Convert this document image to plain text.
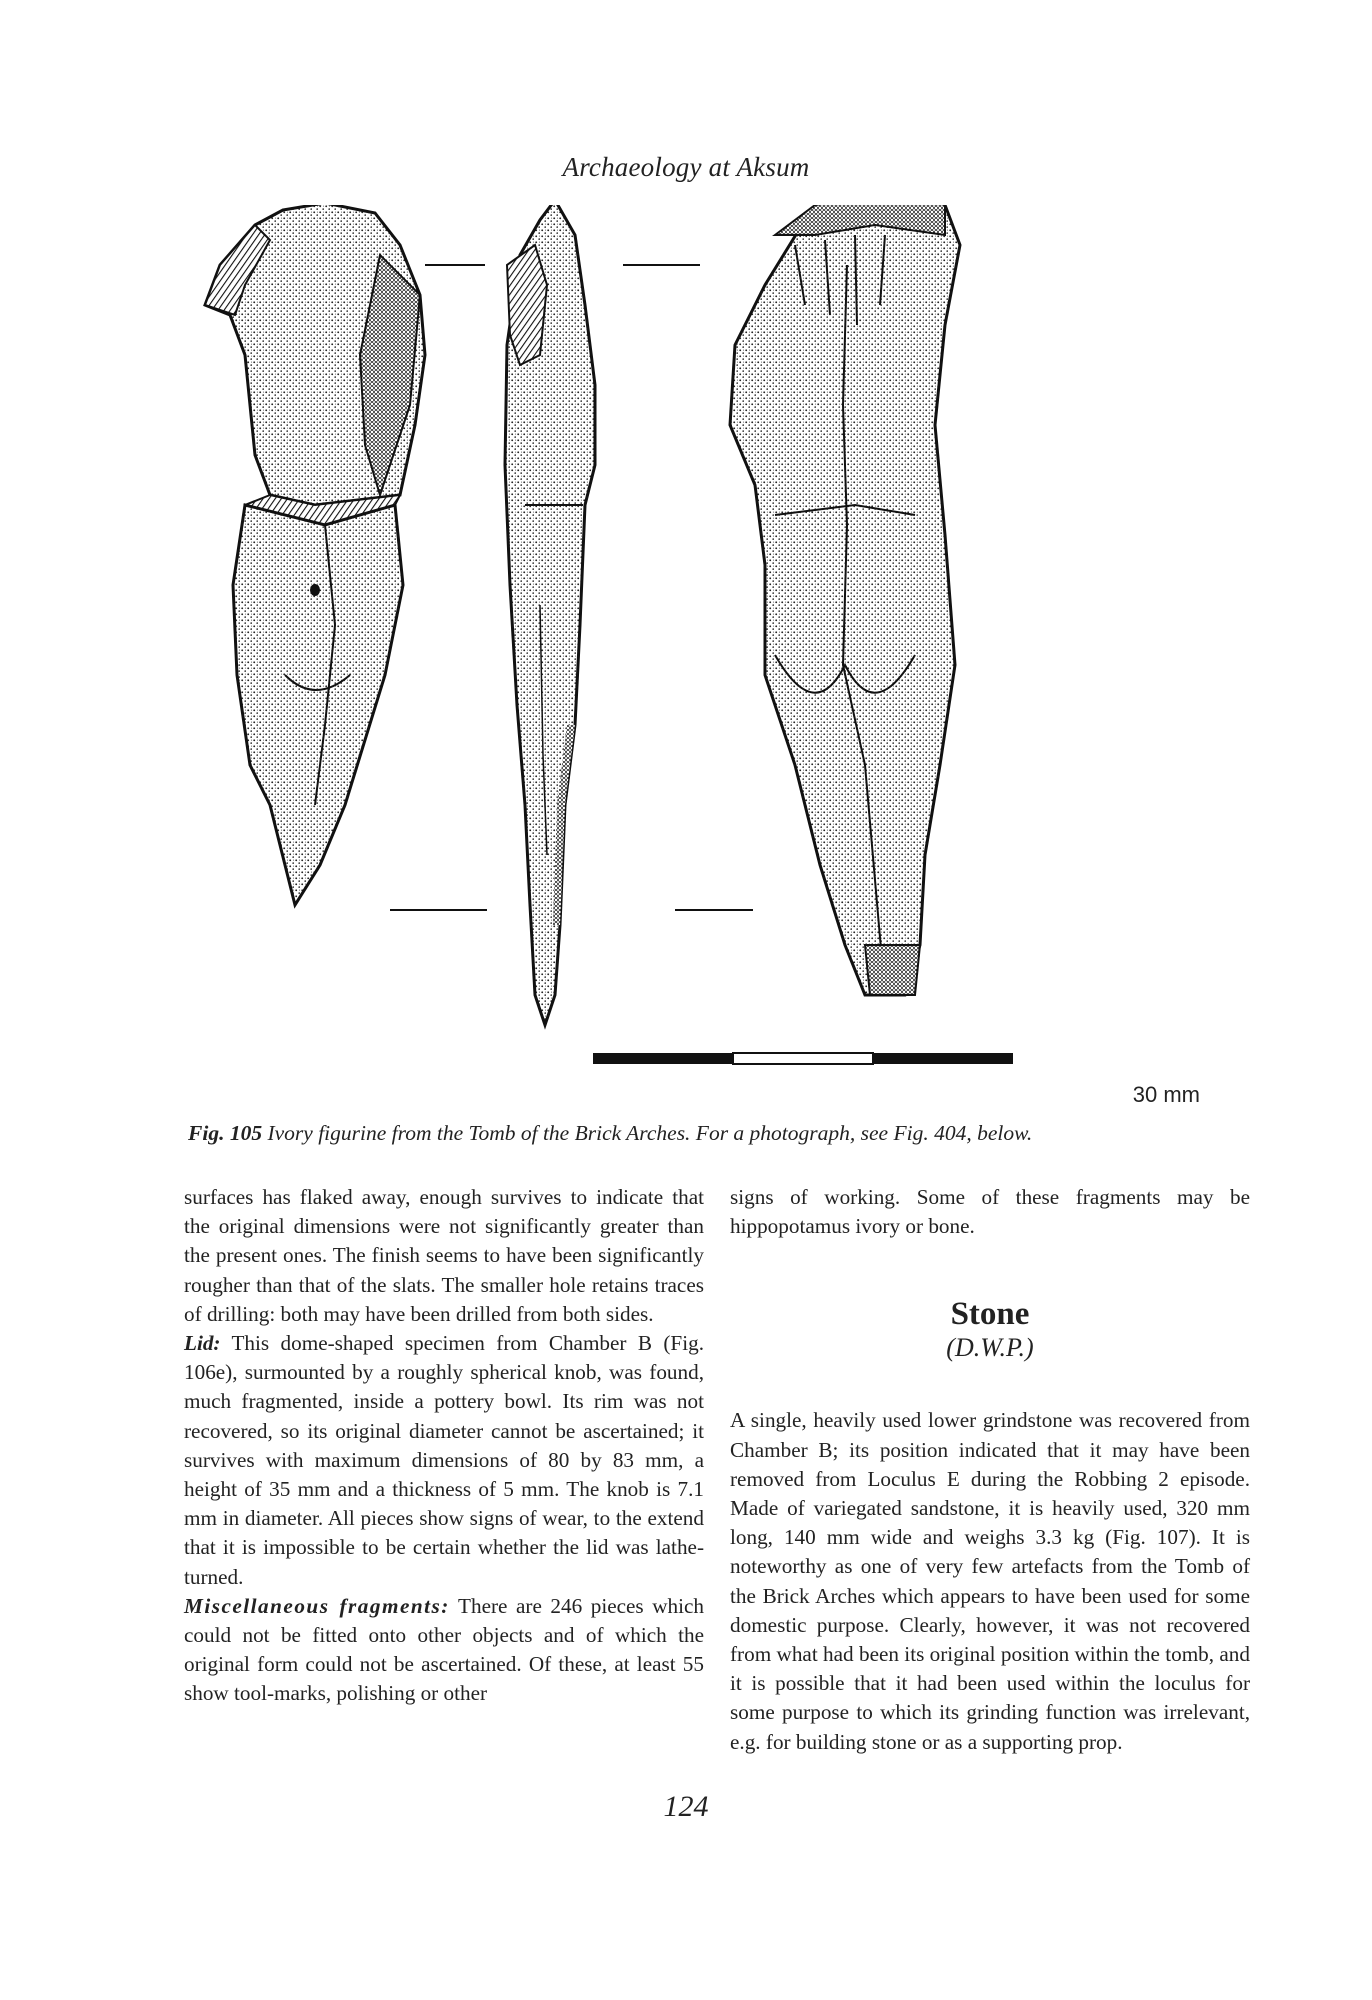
Archaeology at Aksum
30 mm
Fig. 105 Ivory figurine from the Tomb of the Brick Arches. For a photograph, see Fig. 404, below.

surfaces has flaked away, enough survives to indicate that the original dimensions were not significantly greater than the present ones. The finish seems to have been significantly rougher than that of the slats. The smaller hole retains traces of drilling: both may have been drilled from both sides.

Lid: This dome-shaped specimen from Chamber B (Fig. 106e), surmounted by a roughly spherical knob, was found, much fragmented, inside a pottery bowl. Its rim was not recovered, so its original diameter cannot be ascertained; it survives with maximum dimensions of 80 by 83 mm, a height of 35 mm and a thickness of 5 mm. The knob is 7.1 mm in diameter. All pieces show signs of wear, to the extend that it is impossible to be certain whether the lid was lathe-turned.

Miscellaneous fragments: There are 246 pieces which could not be fitted onto other objects and of which the original form could not be ascertained. Of these, at least 55 show tool-marks, polishing or other

signs of working. Some of these fragments may be hippopotamus ivory or bone.

Stone
(D.W.P.)

A single, heavily used lower grindstone was recovered from Chamber B; its position indicated that it may have been removed from Loculus E during the Robbing 2 episode. Made of variegated sandstone, it is heavily used, 320 mm long, 140 mm wide and weighs 3.3 kg (Fig. 107). It is noteworthy as one of very few artefacts from the Tomb of the Brick Arches which appears to have been used for some domestic purpose. Clearly, however, it was not recovered from what had been its original position within the tomb, and it is possible that it had been used within the loculus for some purpose to which its grinding function was irrelevant, e.g. for building stone or as a supporting prop.

124
